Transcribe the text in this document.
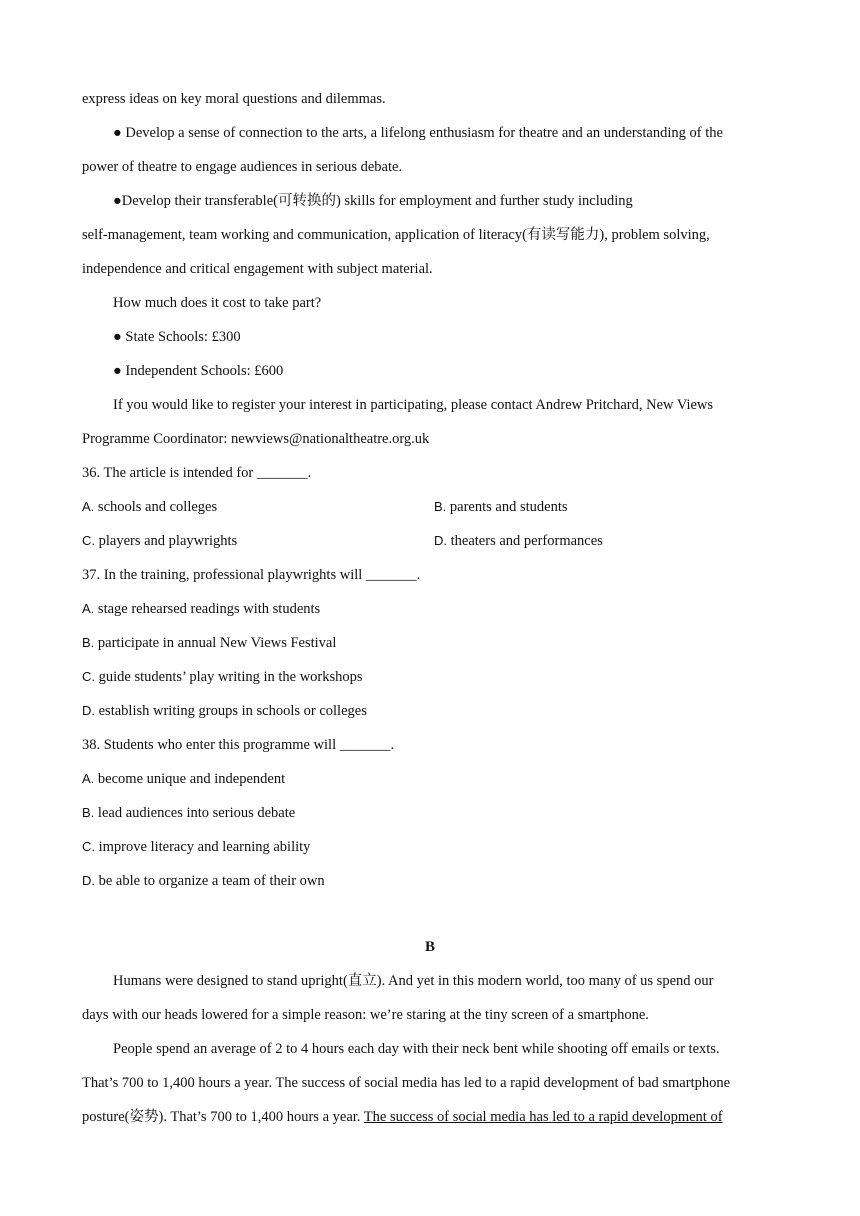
express ideas on key moral questions and dilemmas.
● Develop a sense of connection to the arts, a lifelong enthusiasm for theatre and an understanding of the
power of theatre to engage audiences in serious debate.
●Develop their transferable(可转换的) skills for employment and further study including
self-management, team working and communication, application of literacy(有读写能力), problem solving,
independence and critical engagement with subject material.
How much does it cost to take part?
● State Schools: £300
● Independent Schools: £600
If you would like to register your interest in participating, please contact Andrew Pritchard, New Views
Programme Coordinator: newviews@nationaltheatre.org.uk
36. The article is intended for _______.
A. schools and colleges	B. parents and students
C. players and playwrights	D. theaters and performances
37. In the training, professional playwrights will _______.
A. stage rehearsed readings with students
B. participate in annual New Views Festival
C. guide students’ play writing in the workshops
D. establish writing groups in schools or colleges
38. Students who enter this programme will _______.
A. become unique and independent
B. lead audiences into serious debate
C. improve literacy and learning ability
D. be able to organize a team of their own
B
Humans were designed to stand upright(直立). And yet in this modern world, too many of us spend our
days with our heads lowered for a simple reason: we’re staring at the tiny screen of a smartphone.
People spend an average of 2 to 4 hours each day with their neck bent while shooting off emails or texts.
That’s 700 to 1,400 hours a year. The success of social media has led to a rapid development of bad smartphone
posture(姿势). That’s 700 to 1,400 hours a year. The success of social media has led to a rapid development of
